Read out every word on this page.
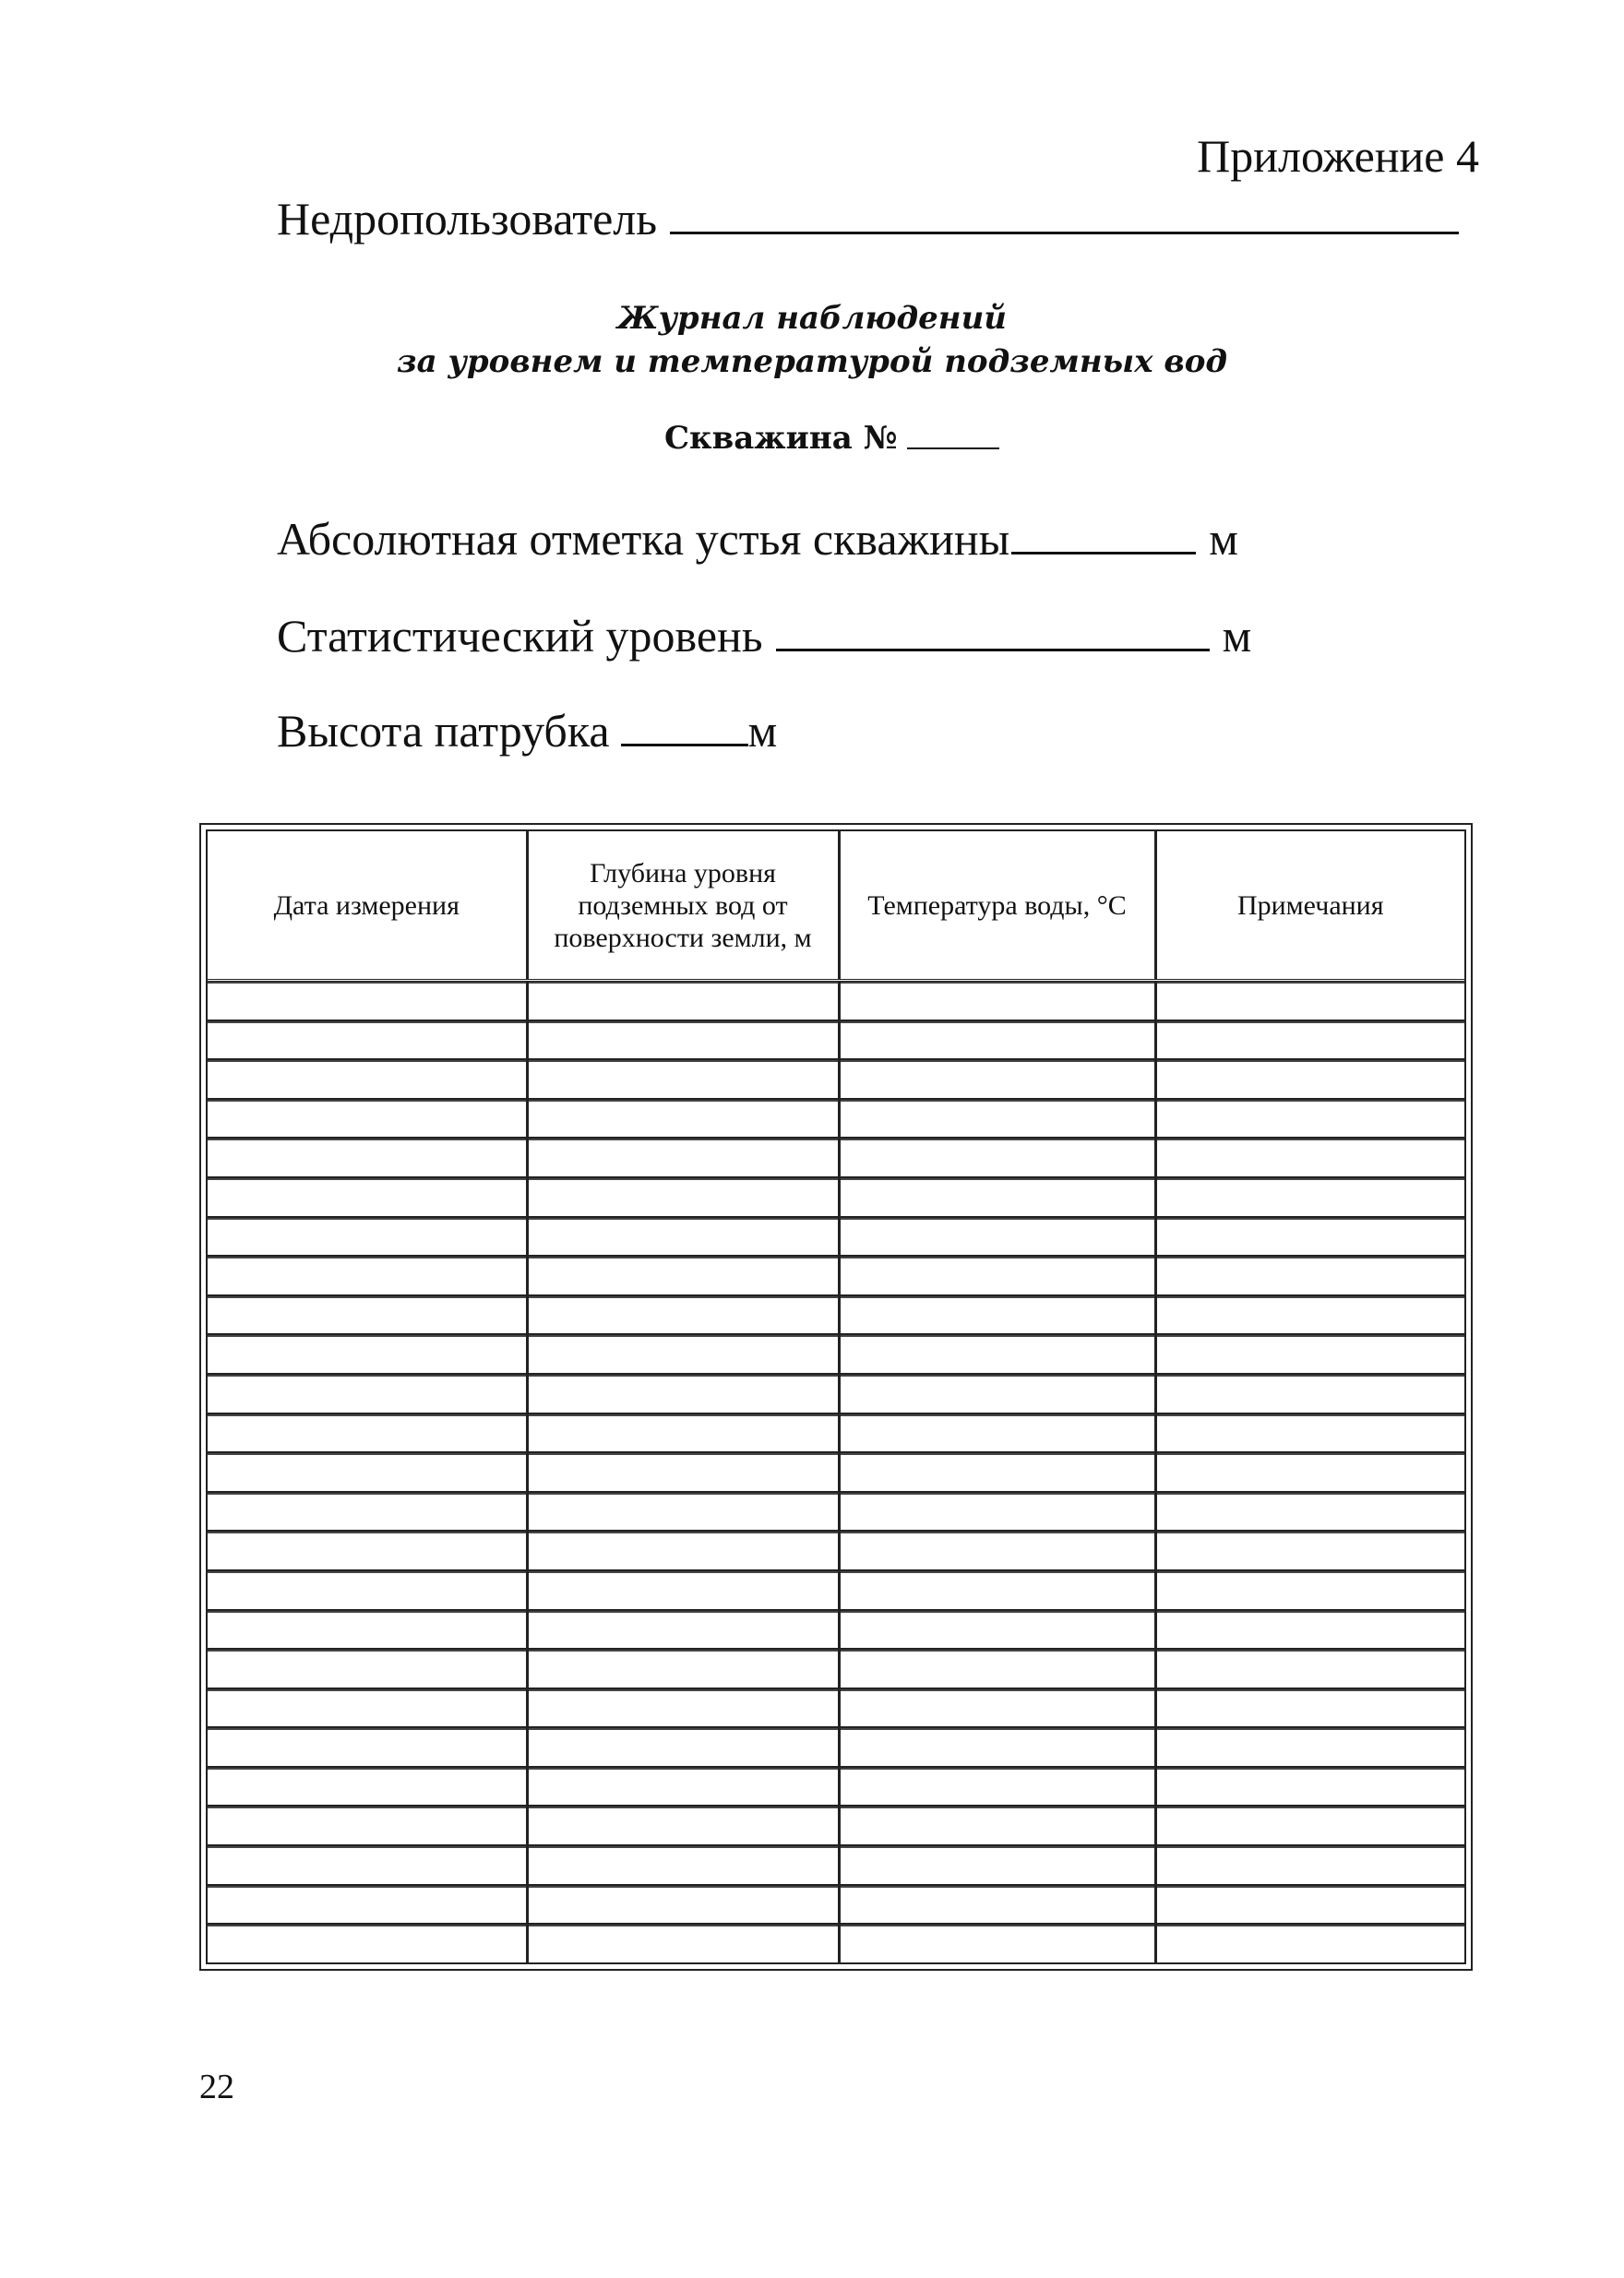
Приложение 4
Недропользователь
Журнал наблюдений
за уровнем и температурой подземных вод
Скважина №
Абсолютная отметка устья скважины	м
Статистический уровень	м
Высота патрубка	м
Дата измерения	Глубина уровня подземных вод от поверхности земли, м	Температура воды, °С	Примечания

22
